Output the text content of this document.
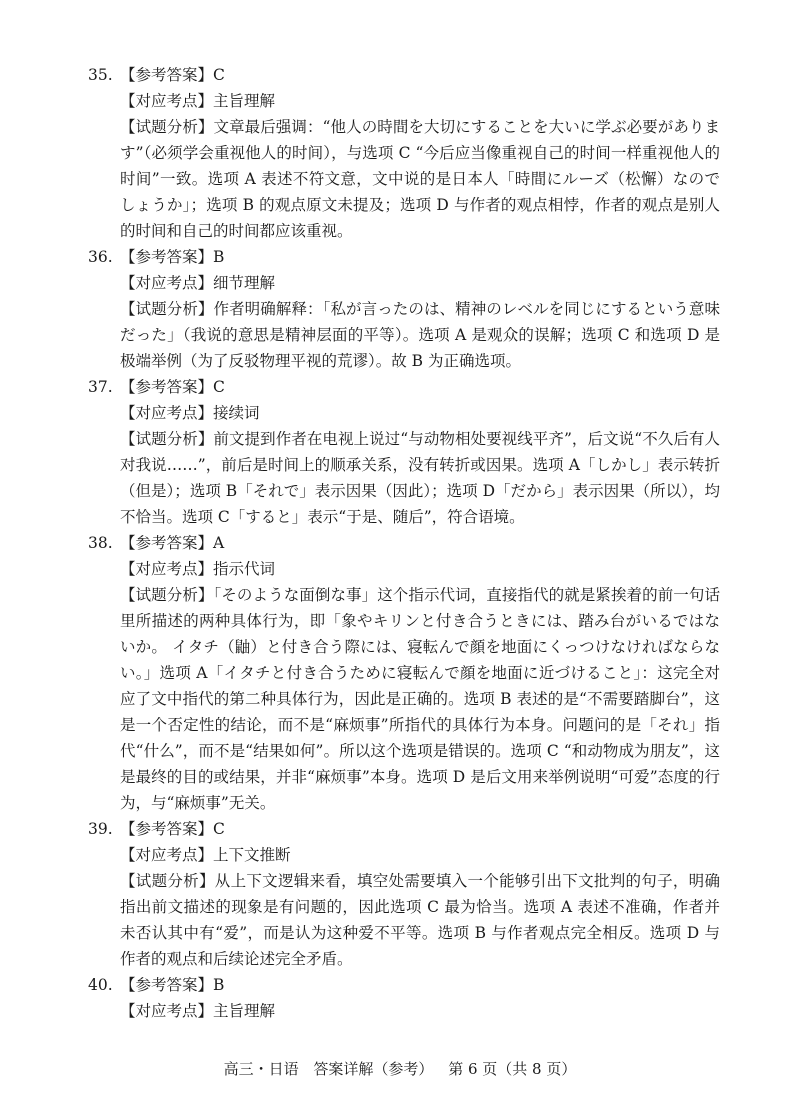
35. 【参考答案】 C
【对应考点】主旨理解

【试题分析】文章最后强调：“他人の時間を大切にすることを大いに学ぶ必要がありま す”（必须学会重视他人的时间），与选项 C “今后应当像重视自己的时间一样重视他人的时间”一致。选项 A 表述不符文意，文中说的是日本人「時間にルーズ（松懈）なのでしょうか」；选项 B 的观点原文未提及；选项 D 与作者的观点相悖，作者的观点是别人的时间和自己的时间都应该重视。

36. 【参考答案】 B
【对应考点】细节理解

【试题分析】作者明确解释：「私が言ったのは、精神のレベルを同じにするという意味だった」（我说的意思是精神层面的平等）。选项 A 是观众的误解；选项 C 和选项 D 是极端举例（为了反驳物理平视的荒谬）。故 B 为正确选项。

37. 【参考答案】 C
【对应考点】接续词

【试题分析】前文提到作者在电视上说过“与动物相处要视线平齐”，后文说“不久后有人对我说……”，前后是时间上的顺承关系，没有转折或因果。选项 A「しかし」表示转折（但是）；选项 B「それで」表示因果（因此）；选项 D「だから」表示因果（所以），均不恰当。选项 C「すると」表示“于是、随后”，符合语境。

38. 【参考答案】 A
【对应考点】指示代词

【试题分析】「そのような面倒な事」这个指示代词，直接指代的就是紧挨着的前一句话里所描述的两种具体行为，即「象やキリンと付き合うときには、踏み台がいるではないか。 イタチ（鼬）と付き合う際には、寝転んで顔を地面にくっつけなければならない。」选项 A「イタチと付き合うために寝転んで顔を地面に近づけること」：这完全对应了文中指代的第二种具体行为，因此是正确的。选项 B 表述的是“不需要踏脚台”，这是一个否定性的结论，而不是“麻烦事”所指代的具体行为本身。问题问的是「それ」指代“什么”，而不是“结果如何”。所以这个选项是错误的。选项 C “和动物成为朋友”，这是最终的目的或结果，并非“麻烦事”本身。选项 D 是后文用来举例说明“可爱”态度的行为，与“麻烦事”无关。

39. 【参考答案】 C
【对应考点】上下文推断

【试题分析】从上下文逻辑来看，填空处需要填入一个能够引出下文批判的句子，明确指出前文描述的现象是有问题的，因此选项 C 最为恰当。选项 A 表述不准确，作者并未否认其中有“爱”，而是认为这种爱不平等。选项 B 与作者观点完全相反。选项 D 与作者的观点和后续论述完全矛盾。

40. 【参考答案】 B
【对应考点】主旨理解
高三・日语 答案详解（参考） 第 6 页（共 8 页）
